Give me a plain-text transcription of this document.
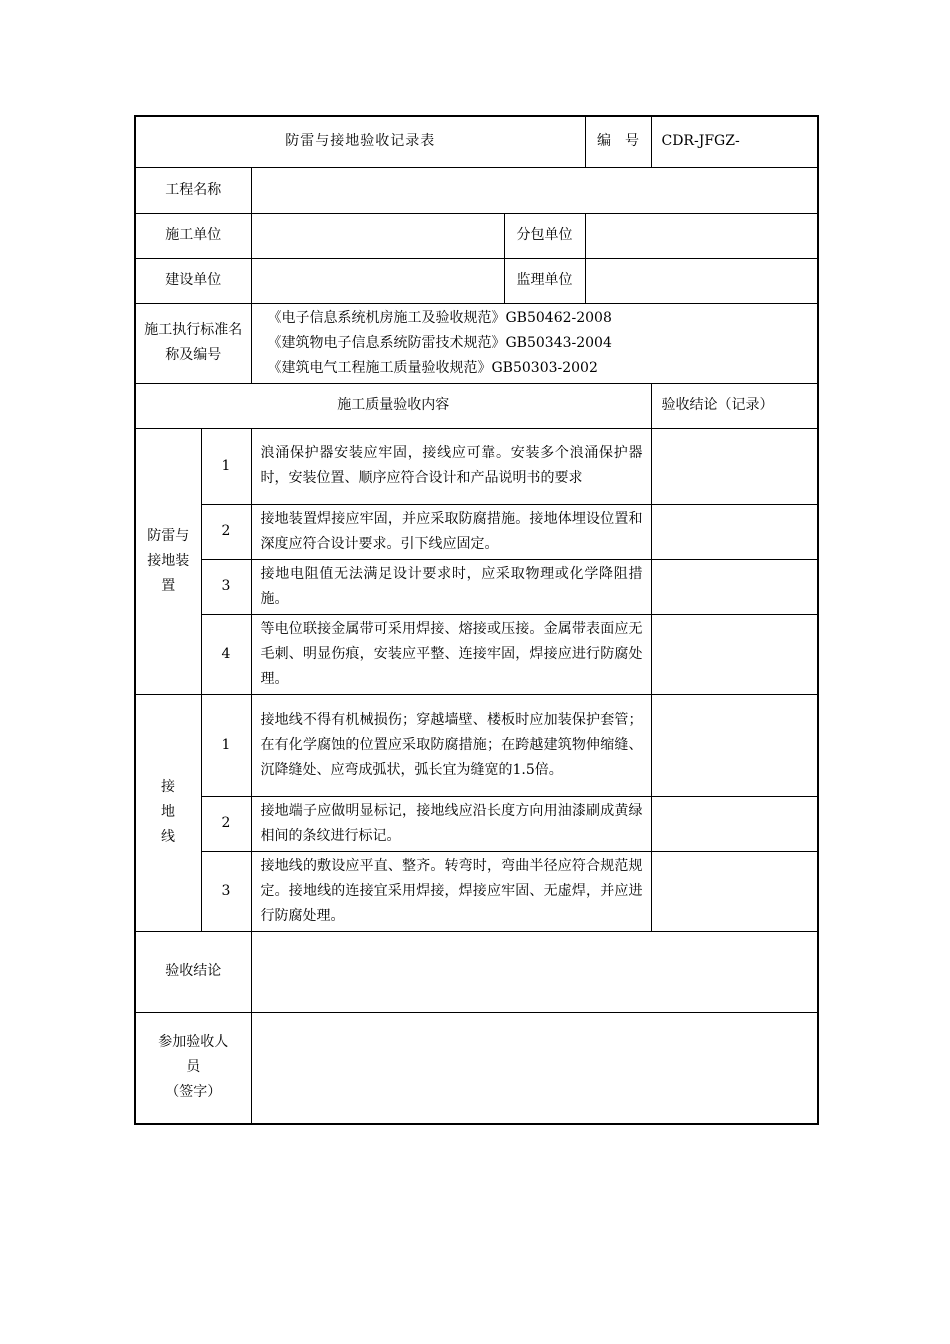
防雷与接地验收记录表				编　号	CDR-JFGZ-
工程名称					
施工单位			分包单位		
建设单位			监理单位		
施工执行标准名称及编号		《电子信息系统机房施工及验收规范》GB50462-2008
《建筑物电子信息系统防雷技术规范》GB50343-2004
《建筑电气工程施工质量验收规范》GB50303-2002			

施工质量验收内容					验收结论（记录）
防雷与接地装置	1	浪涌保护器安装应牢固，接线应可靠。安装多个浪涌保护器时，安装位置、顺序应符合设计和产品说明书的要求			
	2	接地装置焊接应牢固，并应采取防腐措施。接地体埋设位置和深度应符合设计要求。引下线应固定。			
	3	接地电阻值无法满足设计要求时，应采取物理或化学降阻措施。			
	4	等电位联接金属带可采用焊接、熔接或压接。金属带表面应无毛刺、明显伤痕，安装应平整、连接牢固，焊接应进行防腐处理。			
接地线	1	接地线不得有机械损伤；穿越墙壁、楼板时应加装保护套管；在有化学腐蚀的位置应采取防腐措施；在跨越建筑物伸缩缝、沉降缝处、应弯成弧状，弧长宜为缝宽的1.5倍。			
	2	接地端子应做明显标记，接地线应沿长度方向用油漆刷成黄绿相间的条纹进行标记。			
	3	接地线的敷设应平直、整齐。转弯时，弯曲半径应符合规范规定。接地线的连接宜采用焊接，焊接应牢固、无虚焊，并应进行防腐处理。			
验收结论					

参加验收人员
（签字）					
